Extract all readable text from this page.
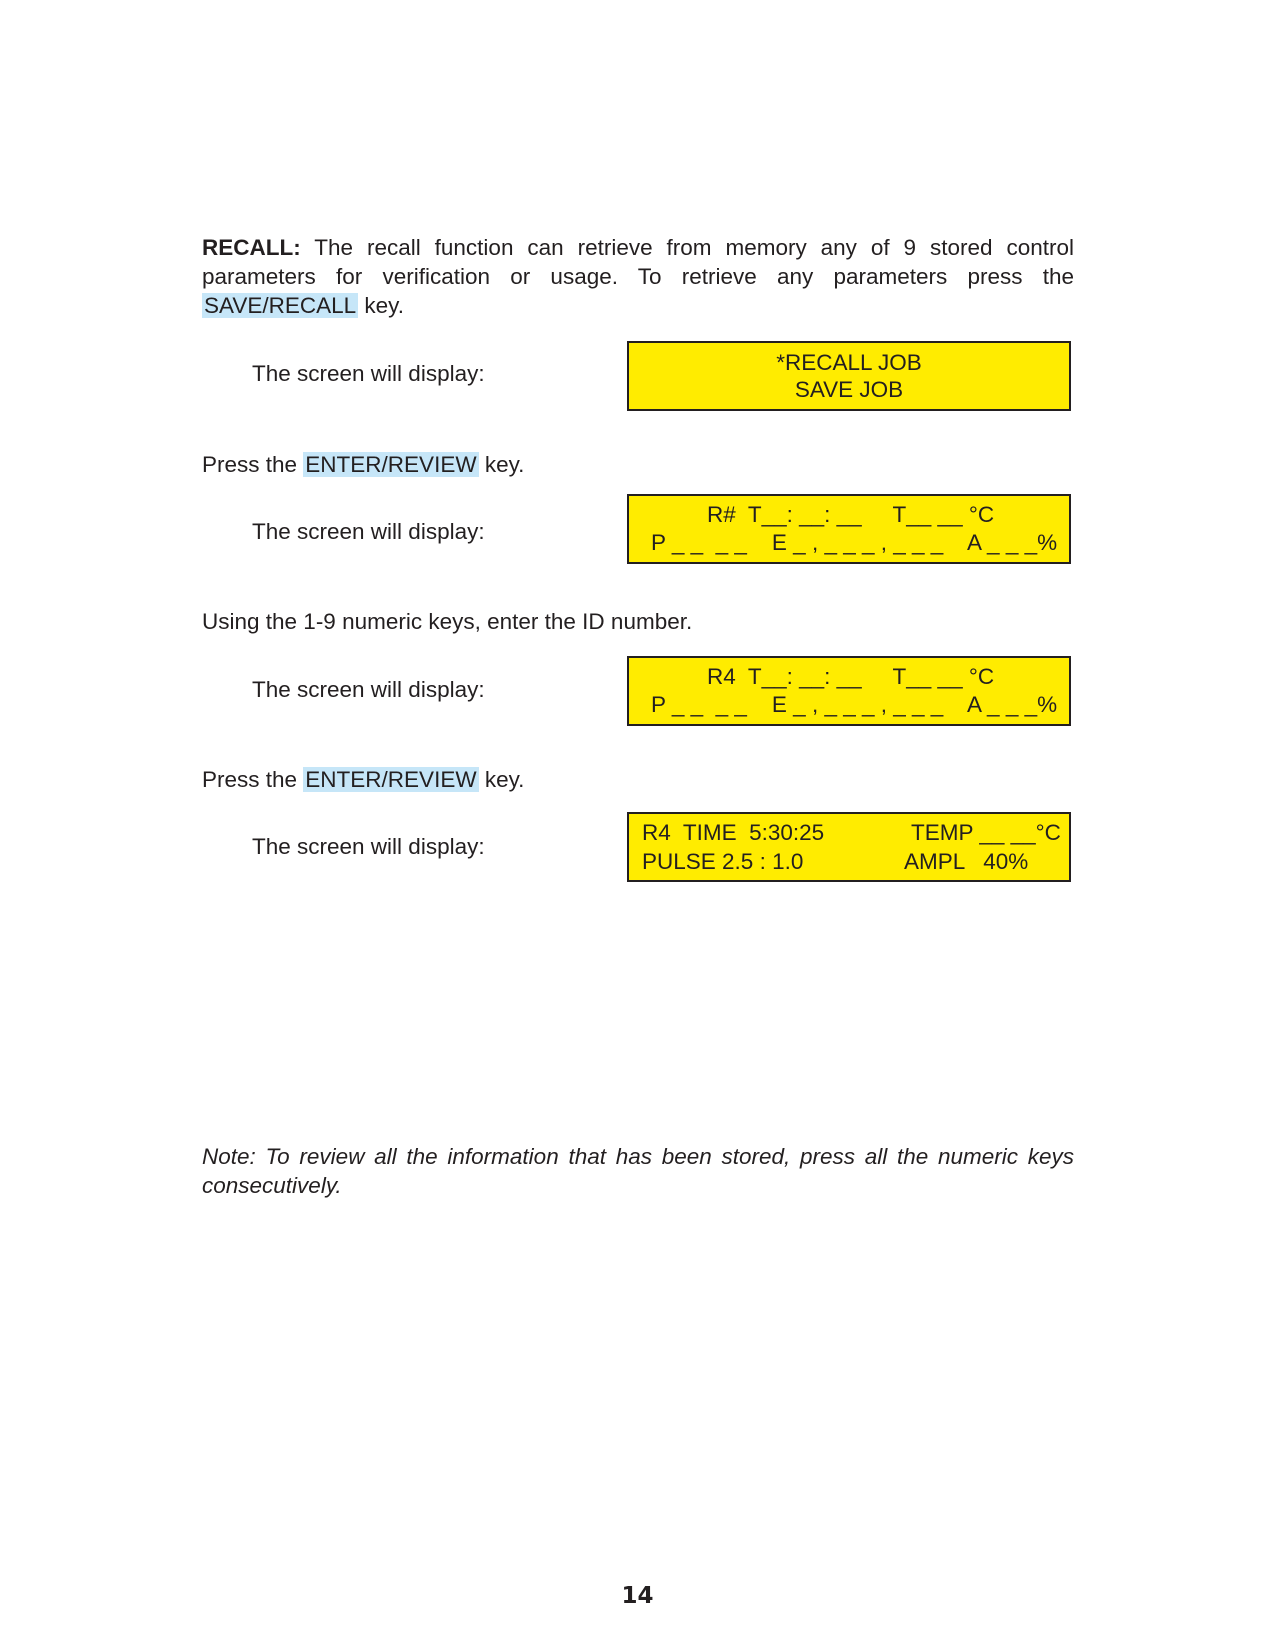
RECALL: The recall function can retrieve from memory any of 9 stored control parameters for verification or usage. To retrieve any parameters press the SAVE/RECALL key.
The screen will display:	*RECALL JOB
SAVE JOB
Press the ENTER/REVIEW key.
The screen will display:
R#  T__: __: __     T__ __ °C
P _ _  _ _    E _ , _ _ _ , _ _ _    A _ _ _%
Using the 1-9 numeric keys, enter the ID number.
The screen will display:
R4  T__: __: __     T__ __ °C
P _ _  _ _    E _ , _ _ _ , _ _ _    A _ _ _%
Press the ENTER/REVIEW key.
The screen will display:
R4  TIME  5:30:25	TEMP __ __°C
PULSE 2.5 : 1.0	AMPL   40%
Note: To review all the information that has been stored, press all the numeric keys consecutively.
14
